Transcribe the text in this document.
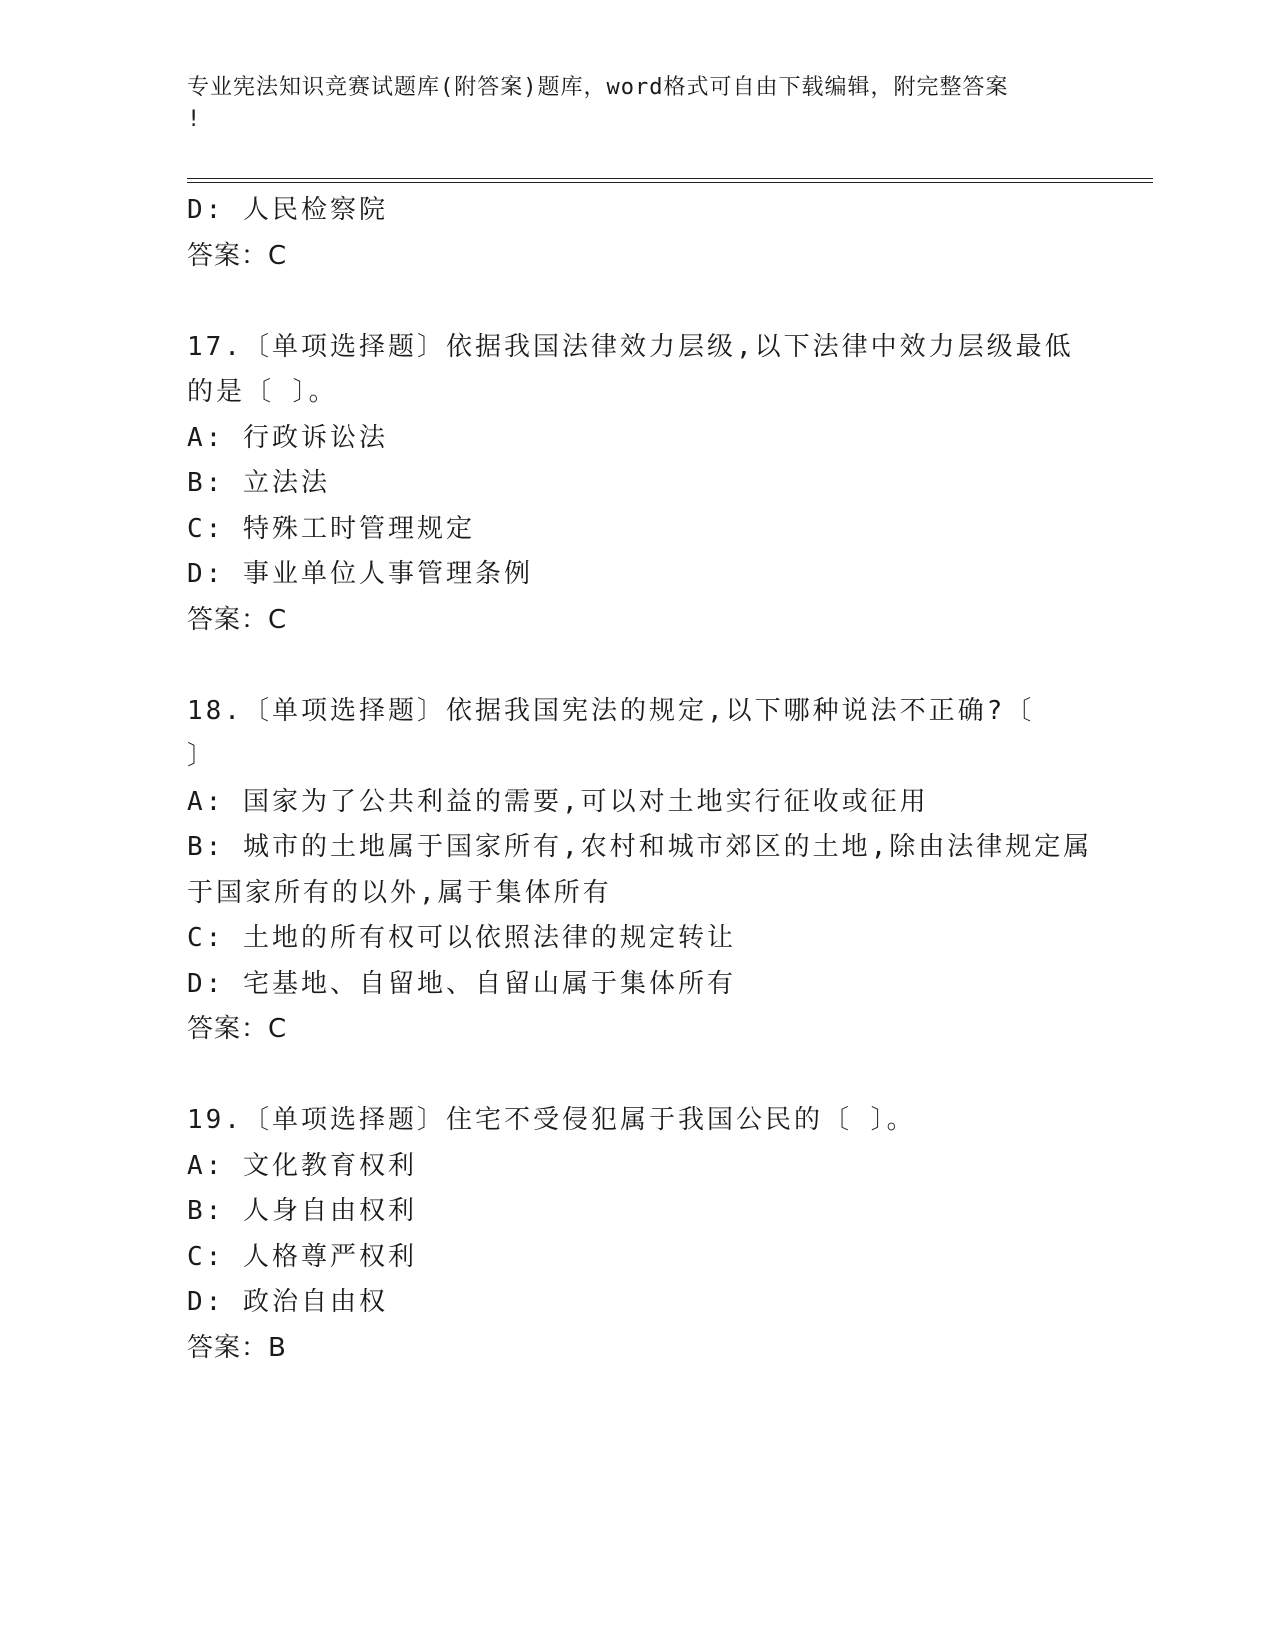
专业宪法知识竞赛试题库(附答案)题库，word格式可自由下载编辑，附完整答案
!
D: 人民检察院
答案：C
17.〔单项选择题〕依据我国法律效力层级,以下法律中效力层级最低
的是〔 〕。
A: 行政诉讼法
B: 立法法
C: 特殊工时管理规定
D: 事业单位人事管理条例
答案：C
18.〔单项选择题〕依据我国宪法的规定,以下哪种说法不正确?〔
〕
A: 国家为了公共利益的需要,可以对土地实行征收或征用
B: 城市的土地属于国家所有,农村和城市郊区的土地,除由法律规定属
于国家所有的以外,属于集体所有
C: 土地的所有权可以依照法律的规定转让
D: 宅基地、自留地、自留山属于集体所有
答案：C
19.〔单项选择题〕住宅不受侵犯属于我国公民的〔 〕。
A: 文化教育权利
B: 人身自由权利
C: 人格尊严权利
D: 政治自由权
答案：B
